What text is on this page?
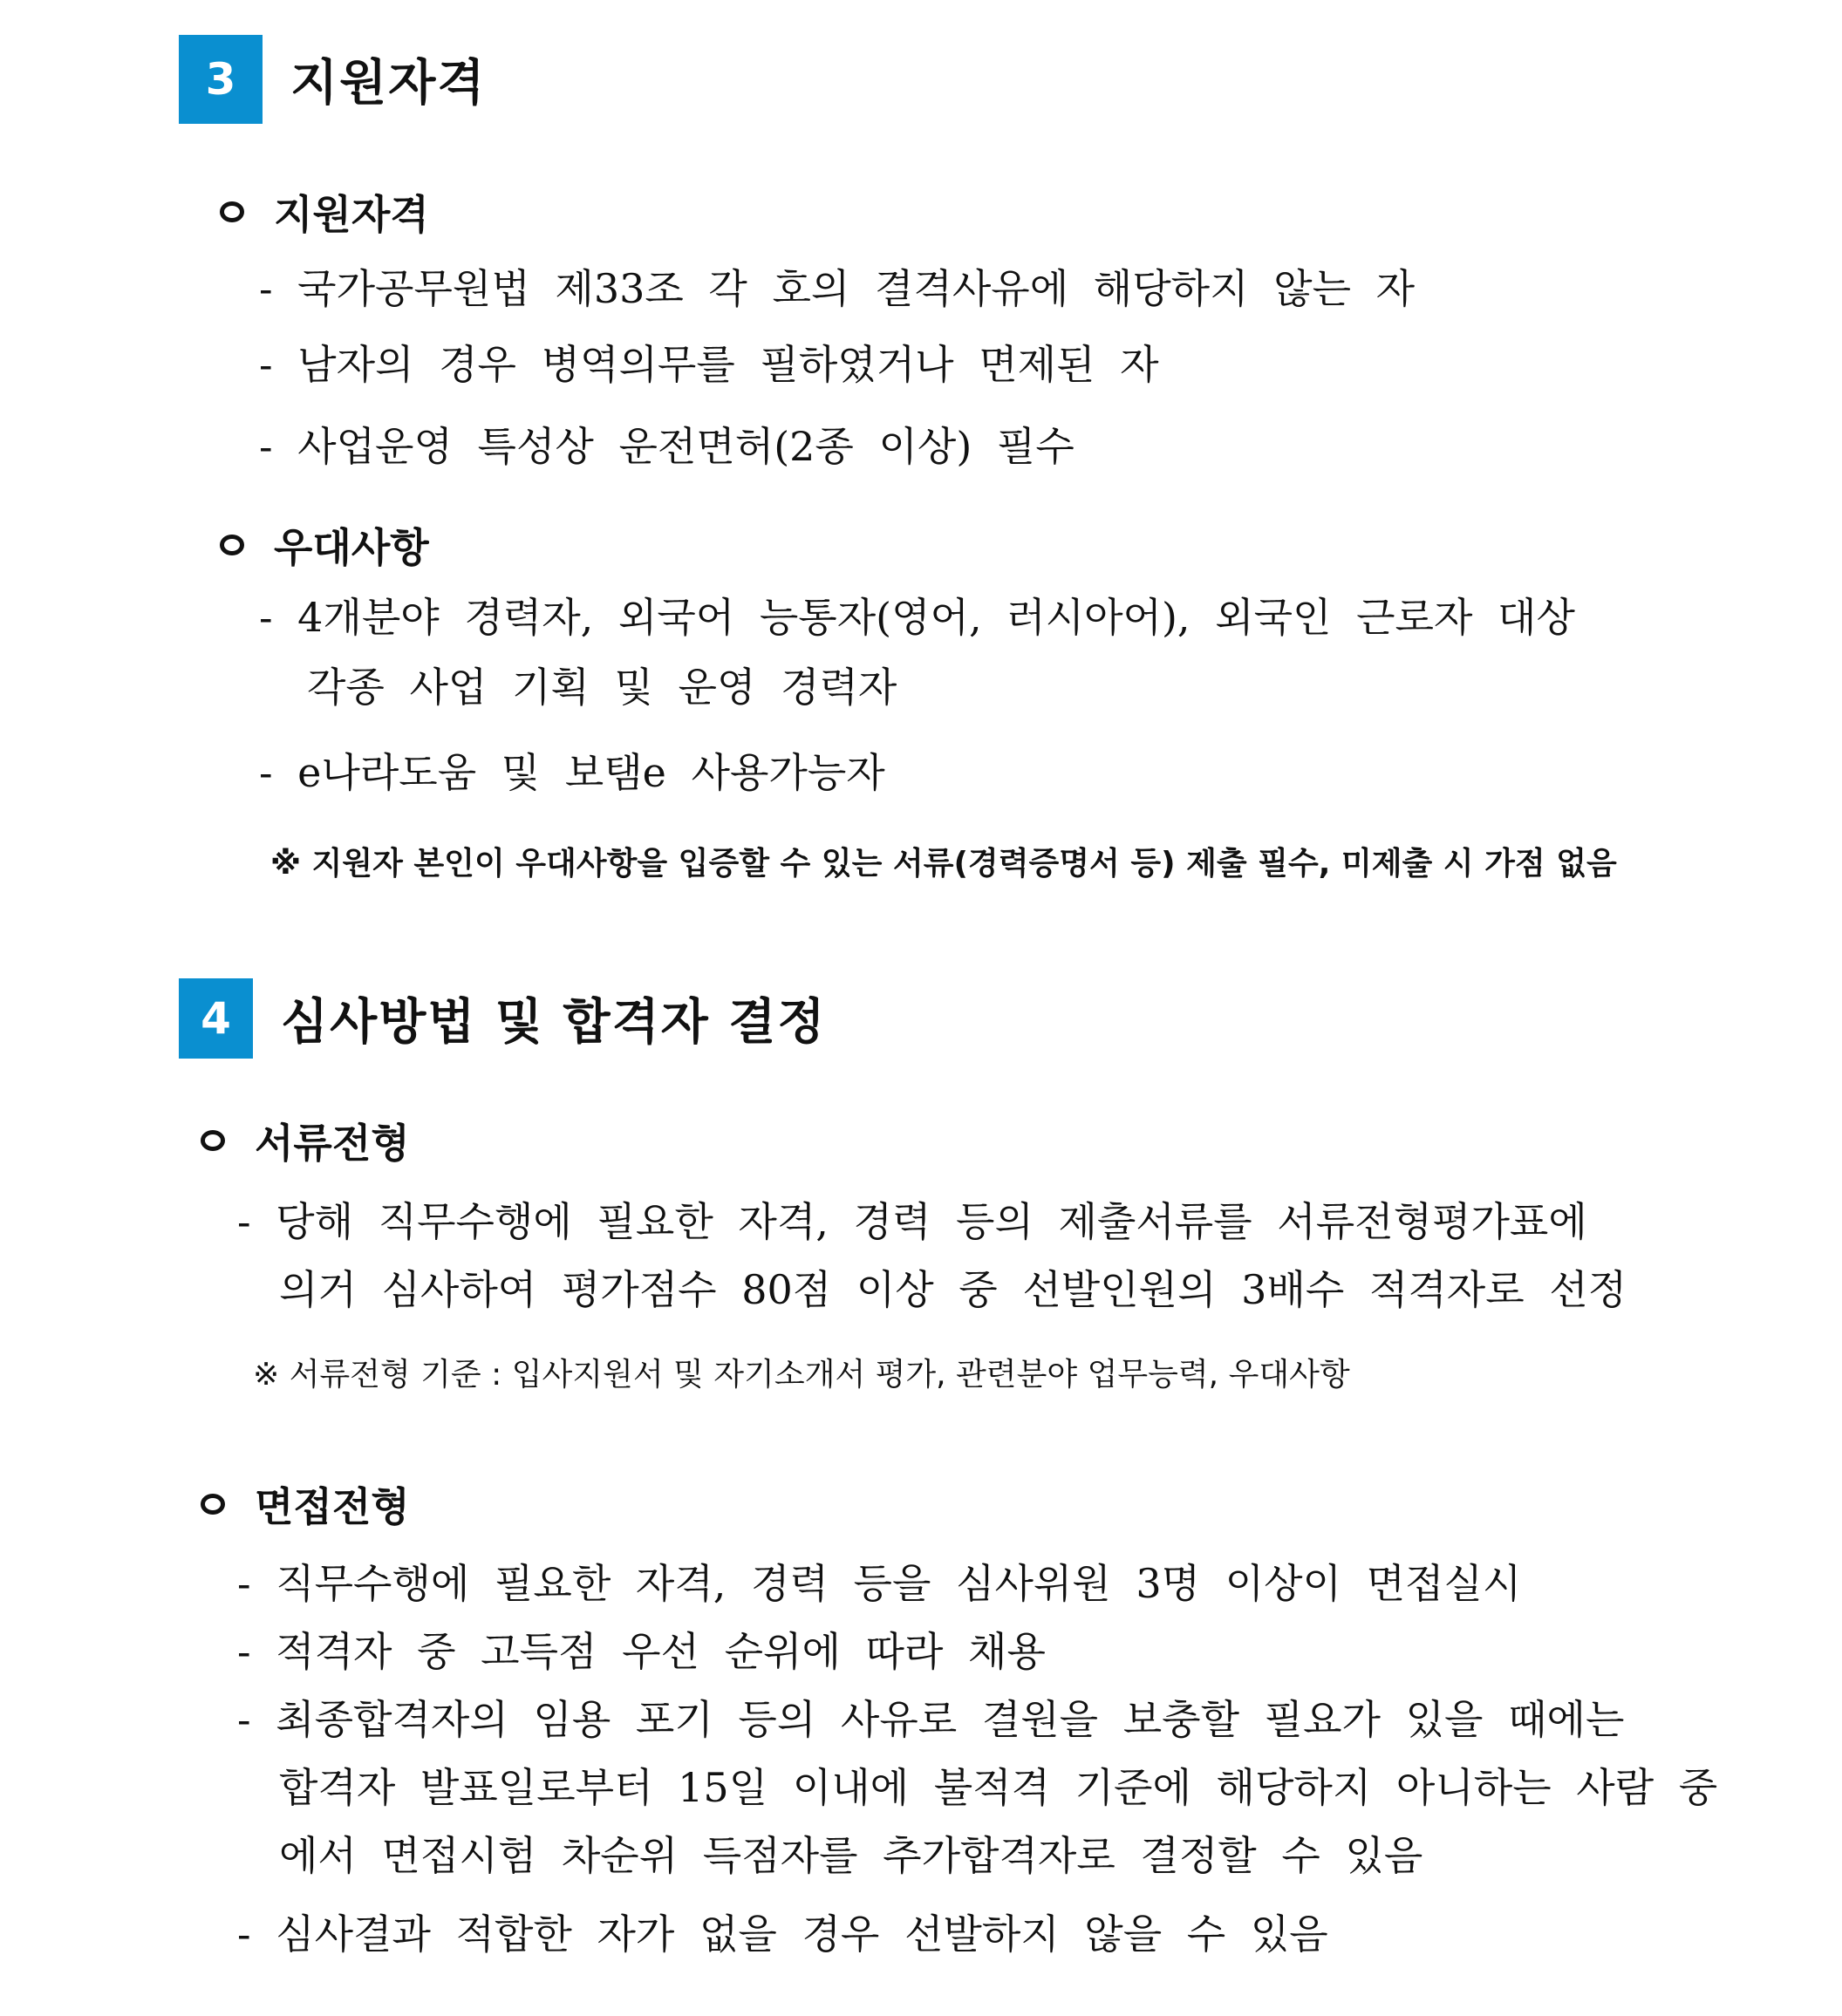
3	지원자격
지원자격
- 국가공무원법 제33조 각 호의 결격사유에 해당하지 않는 자
- 남자의 경우 병역의무를 필하였거나 면제된 자
- 사업운영 특성상 운전면허(2종 이상) 필수
우대사항
- 4개분야 경력자, 외국어 능통자(영어, 러시아어), 외국인 근로자 대상
각종 사업 기획 및 운영 경력자
- e나라도움 및 보탬e 사용가능자
※ 지원자 본인이 우대사항을 입증할 수 있는 서류(경력증명서 등) 제출 필수, 미제출 시 가점 없음
4	심사방법 및 합격자 결정
서류전형
- 당해 직무수행에 필요한 자격, 경력 등의 제출서류를 서류전형평가표에
의거 심사하여 평가점수 80점 이상 중 선발인원의 3배수 적격자로 선정
※ 서류전형 기준 : 입사지원서 및 자기소개서 평가, 관련분야 업무능력, 우대사항
면접전형
- 직무수행에 필요한 자격, 경력 등을 심사위원 3명 이상이 면접실시
- 적격자 중 고득점 우선 순위에 따라 채용
- 최종합격자의 임용 포기 등의 사유로 결원을 보충할 필요가 있을 때에는
합격자 발표일로부터 15일 이내에 불적격 기준에 해당하지 아니하는 사람 중
에서 면접시험 차순위 득점자를 추가합격자로 결정할 수 있음
- 심사결과 적합한 자가 없을 경우 선발하지 않을 수 있음
